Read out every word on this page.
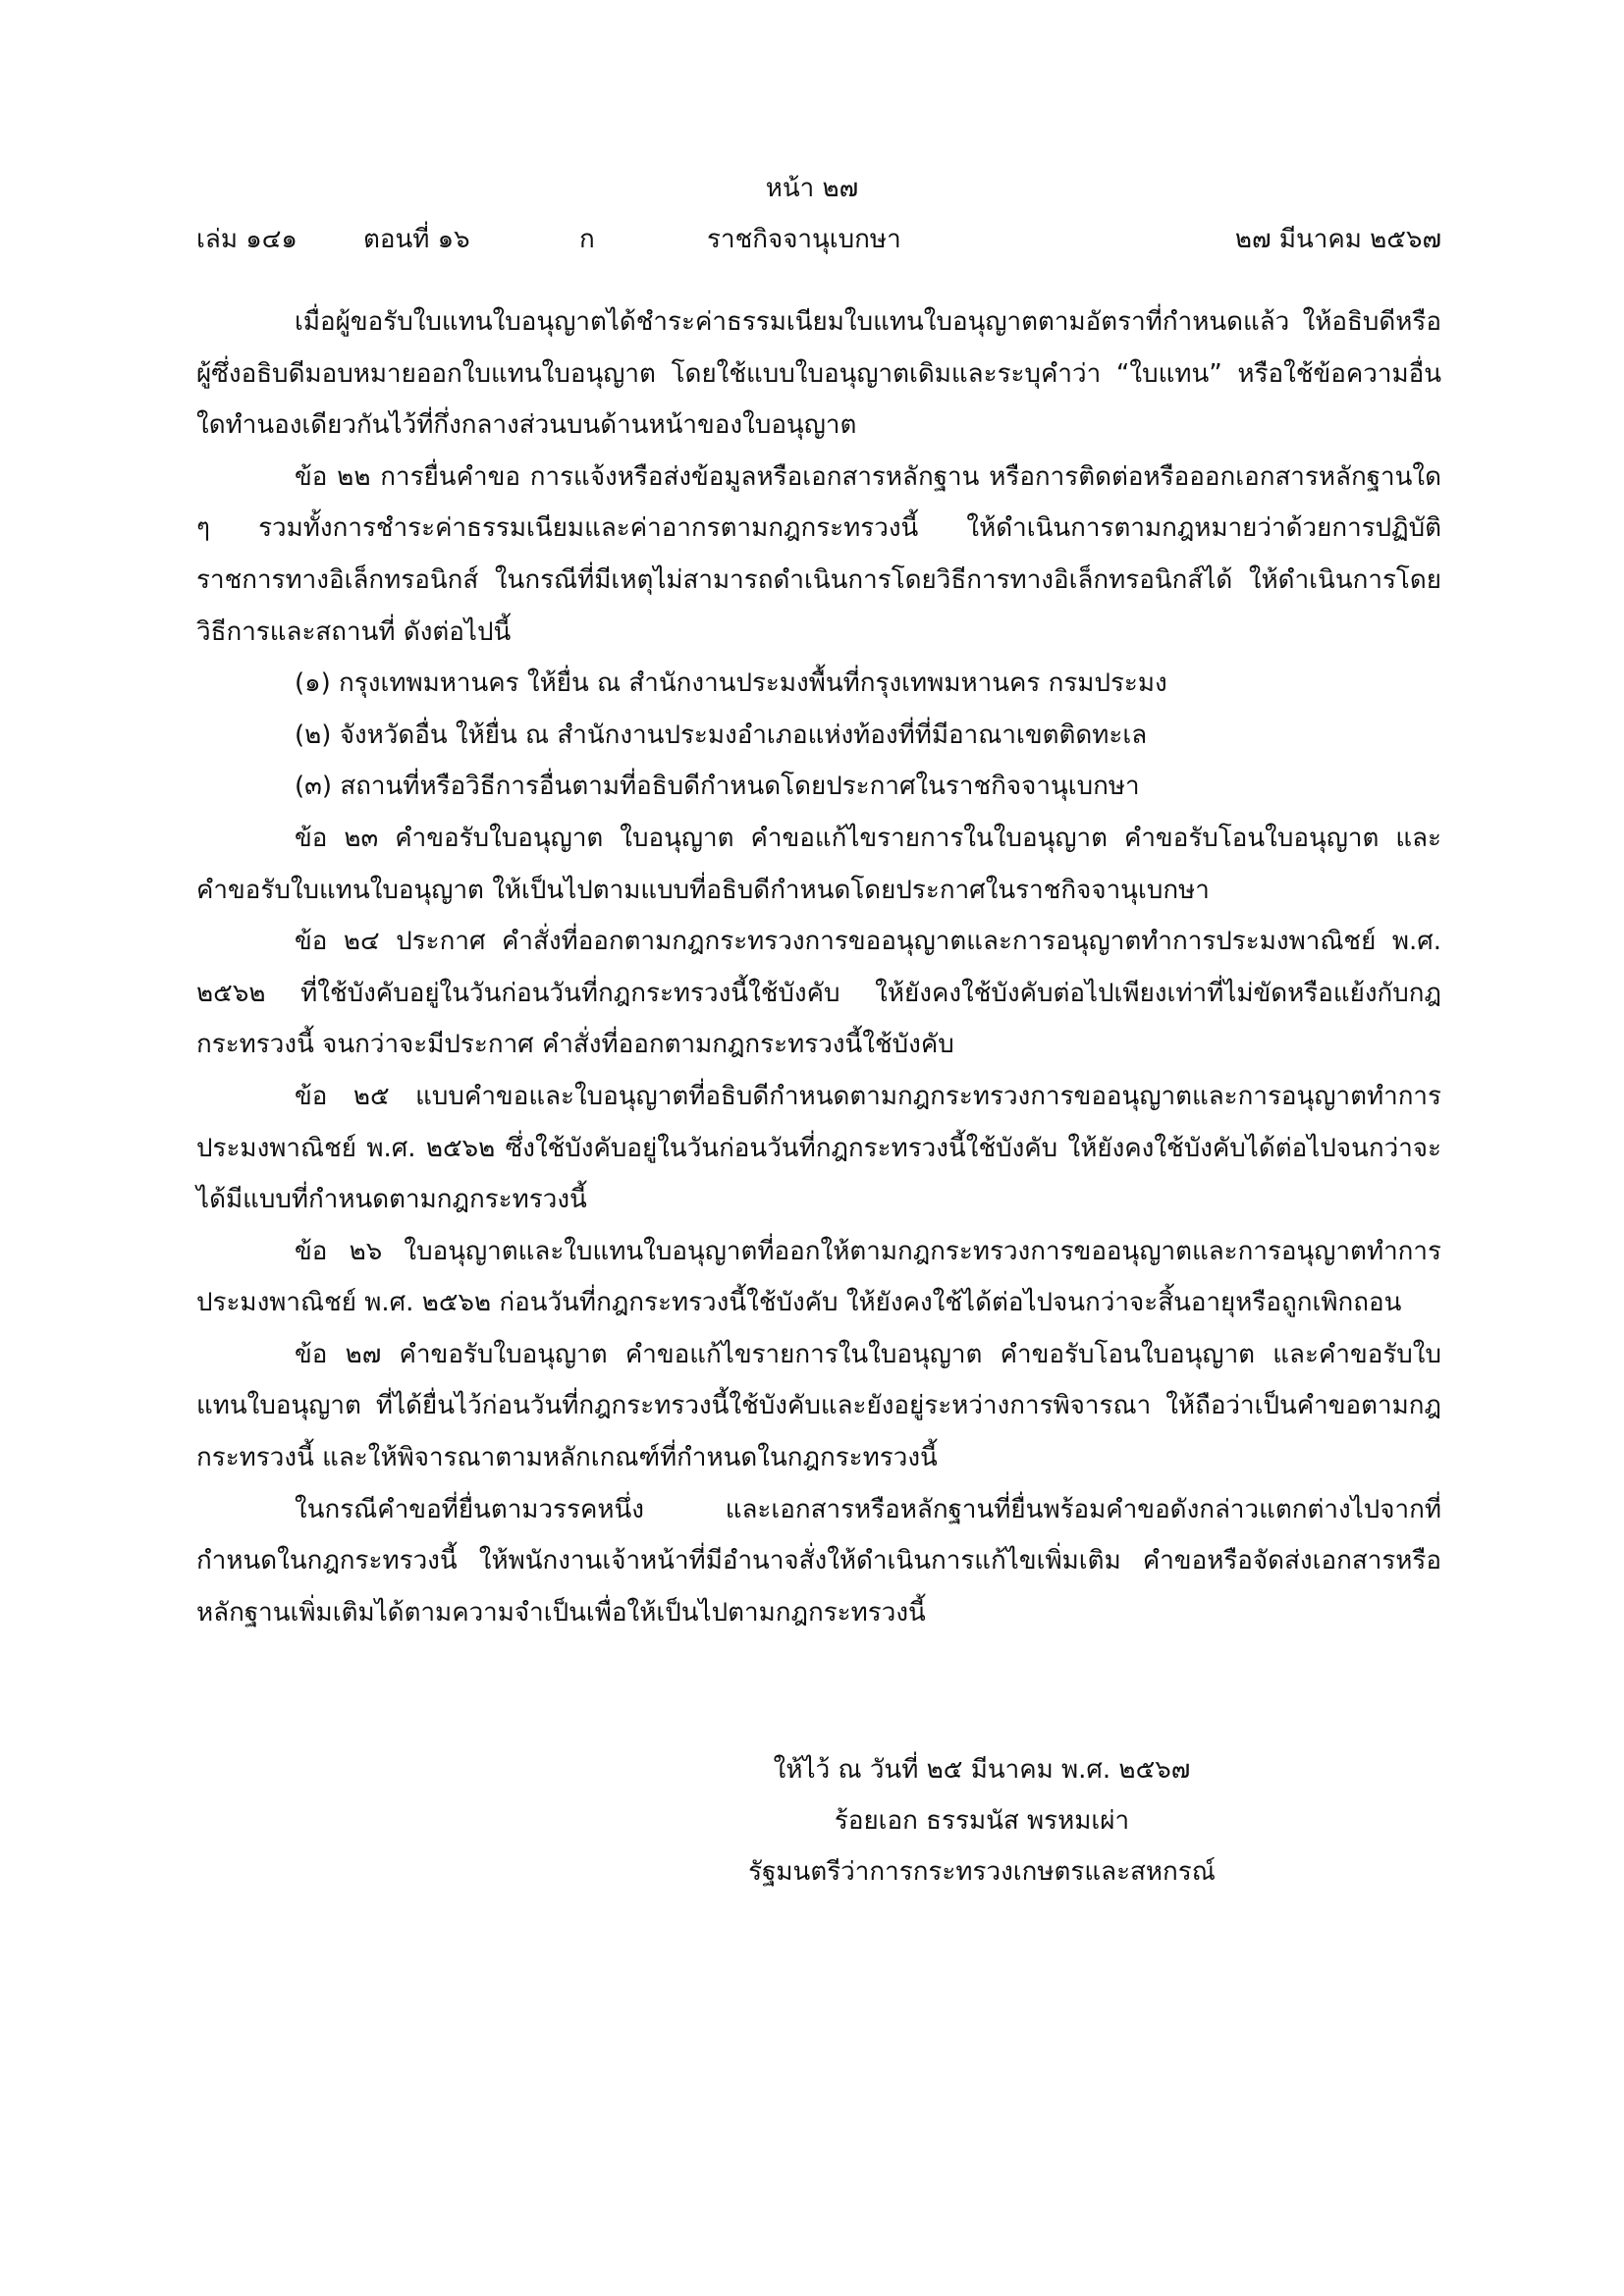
หน้า ๒๗
เล่ม ๑๔๑	ตอนที่ ๑๖	ก	ราชกิจจานุเบกษา	๒๗ มีนาคม ๒๕๖๗

เมื่อผู้ขอรับใบแทนใบอนุญาตได้ชำระค่าธรรมเนียมใบแทนใบอนุญาตตามอัตราที่กำหนดแล้ว ให้อธิบดีหรือผู้ซึ่งอธิบดีมอบหมายออกใบแทนใบอนุญาต โดยใช้แบบใบอนุญาตเดิมและระบุคำว่า “ใบแทน” หรือใช้ข้อความอื่นใดทำนองเดียวกันไว้ที่กึ่งกลางส่วนบนด้านหน้าของใบอนุญาต

ข้อ ๒๒ การยื่นคำขอ การแจ้งหรือส่งข้อมูลหรือเอกสารหลักฐาน หรือการติดต่อหรือออกเอกสารหลักฐานใด ๆ รวมทั้งการชำระค่าธรรมเนียมและค่าอากรตามกฎกระทรวงนี้ ให้ดำเนินการตามกฎหมายว่าด้วยการปฏิบัติราชการทางอิเล็กทรอนิกส์ ในกรณีที่มีเหตุไม่สามารถดำเนินการโดยวิธีการทางอิเล็กทรอนิกส์ได้ ให้ดำเนินการโดยวิธีการและสถานที่ ดังต่อไปนี้

(๑) กรุงเทพมหานคร ให้ยื่น ณ สำนักงานประมงพื้นที่กรุงเทพมหานคร กรมประมง

(๒) จังหวัดอื่น ให้ยื่น ณ สำนักงานประมงอำเภอแห่งท้องที่ที่มีอาณาเขตติดทะเล

(๓) สถานที่หรือวิธีการอื่นตามที่อธิบดีกำหนดโดยประกาศในราชกิจจานุเบกษา

ข้อ ๒๓ คำขอรับใบอนุญาต ใบอนุญาต คำขอแก้ไขรายการในใบอนุญาต คำขอรับโอนใบอนุญาต และคำขอรับใบแทนใบอนุญาต ให้เป็นไปตามแบบที่อธิบดีกำหนดโดยประกาศในราชกิจจานุเบกษา

ข้อ ๒๔ ประกาศ คำสั่งที่ออกตามกฎกระทรวงการขออนุญาตและการอนุญาตทำการประมงพาณิชย์ พ.ศ. ๒๕๖๒ ที่ใช้บังคับอยู่ในวันก่อนวันที่กฎกระทรวงนี้ใช้บังคับ ให้ยังคงใช้บังคับต่อไปเพียงเท่าที่ไม่ขัดหรือแย้งกับกฎกระทรวงนี้ จนกว่าจะมีประกาศ คำสั่งที่ออกตามกฎกระทรวงนี้ใช้บังคับ

ข้อ ๒๕ แบบคำขอและใบอนุญาตที่อธิบดีกำหนดตามกฎกระทรวงการขออนุญาตและการอนุญาตทำการประมงพาณิชย์ พ.ศ. ๒๕๖๒ ซึ่งใช้บังคับอยู่ในวันก่อนวันที่กฎกระทรวงนี้ใช้บังคับ ให้ยังคงใช้บังคับได้ต่อไปจนกว่าจะได้มีแบบที่กำหนดตามกฎกระทรวงนี้

ข้อ ๒๖ ใบอนุญาตและใบแทนใบอนุญาตที่ออกให้ตามกฎกระทรวงการขออนุญาตและการอนุญาตทำการประมงพาณิชย์ พ.ศ. ๒๕๖๒ ก่อนวันที่กฎกระทรวงนี้ใช้บังคับ ให้ยังคงใช้ได้ต่อไปจนกว่าจะสิ้นอายุหรือถูกเพิกถอน

ข้อ ๒๗ คำขอรับใบอนุญาต คำขอแก้ไขรายการในใบอนุญาต คำขอรับโอนใบอนุญาต และคำขอรับใบแทนใบอนุญาต ที่ได้ยื่นไว้ก่อนวันที่กฎกระทรวงนี้ใช้บังคับและยังอยู่ระหว่างการพิจารณา ให้ถือว่าเป็นคำขอตามกฎกระทรวงนี้ และให้พิจารณาตามหลักเกณฑ์ที่กำหนดในกฎกระทรวงนี้

ในกรณีคำขอที่ยื่นตามวรรคหนึ่ง และเอกสารหรือหลักฐานที่ยื่นพร้อมคำขอดังกล่าวแตกต่างไปจากที่กำหนดในกฎกระทรวงนี้ ให้พนักงานเจ้าหน้าที่มีอำนาจสั่งให้ดำเนินการแก้ไขเพิ่มเติม คำขอหรือจัดส่งเอกสารหรือหลักฐานเพิ่มเติมได้ตามความจำเป็นเพื่อให้เป็นไปตามกฎกระทรวงนี้

ให้ไว้ ณ วันที่ ๒๕ มีนาคม พ.ศ. ๒๕๖๗
ร้อยเอก ธรรมนัส พรหมเผ่า
รัฐมนตรีว่าการกระทรวงเกษตรและสหกรณ์
